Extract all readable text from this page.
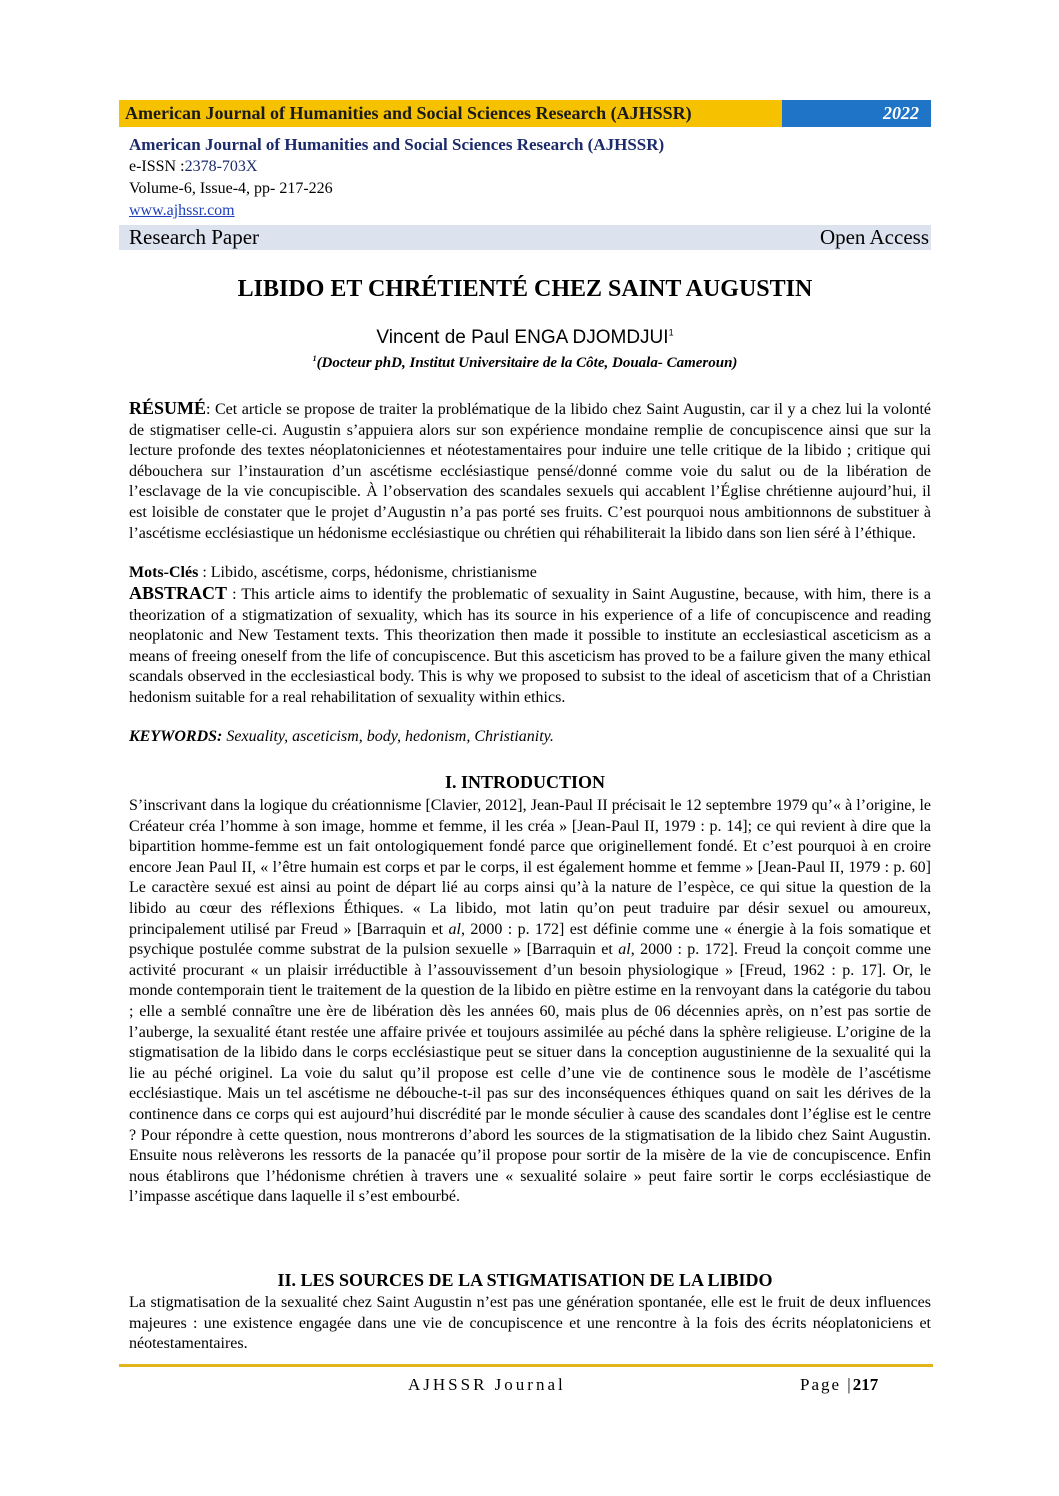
American Journal of Humanities and Social Sciences Research (AJHSSR)	2022
American Journal of Humanities and Social Sciences Research (AJHSSR)
e-ISSN :2378-703X
Volume-6, Issue-4, pp- 217-226
www.ajhssr.com
Research Paper	Open Access
LIBIDO ET CHRÉTIENTÉ CHEZ SAINT AUGUSTIN
Vincent de Paul ENGA DJOMDJUI$^1$
$^1$(Docteur phD, Institut Universitaire de la Côte, Douala- Cameroun)
RÉSUMÉ: Cet article se propose de traiter la problématique de la libido chez Saint Augustin, car il y a chez lui la volonté de stigmatiser celle-ci. Augustin s’appuiera alors sur son expérience mondaine remplie de concupiscence ainsi que sur la lecture profonde des textes néoplatoniciennes et néotestamentaires pour induire une telle critique de la libido ; critique qui débouchera sur l’instauration d’un ascétisme ecclésiastique pensé/donné comme voie du salut ou de la libération de l’esclavage de la vie concupiscible. À l’observation des scandales sexuels qui accablent l’Église chrétienne aujourd’hui, il est loisible de constater que le projet d’Augustin n’a pas porté ses fruits. C’est pourquoi nous ambitionnons de substituer à l’ascétisme ecclésiastique un hédonisme ecclésiastique ou chrétien qui réhabiliterait la libido dans son lien séré à l’éthique.
Mots-Clés : Libido, ascétisme, corps, hédonisme, christianisme
ABSTRACT : This article aims to identify the problematic of sexuality in Saint Augustine, because, with him, there is a theorization of a stigmatization of sexuality, which has its source in his experience of a life of concupiscence and reading neoplatonic and New Testament texts. This theorization then made it possible to institute an ecclesiastical asceticism as a means of freeing oneself from the life of concupiscence. But this asceticism has proved to be a failure given the many ethical scandals observed in the ecclesiastical body. This is why we proposed to subsist to the ideal of asceticism that of a Christian hedonism suitable for a real rehabilitation of sexuality within ethics.
KEYWORDS: Sexuality, asceticism, body, hedonism, Christianity.
I. INTRODUCTION
S’inscrivant dans la logique du créationnisme [Clavier, 2012], Jean-Paul II précisait le 12 septembre 1979 qu’« à l’origine, le Créateur créa l’homme à son image, homme et femme, il les créa » [Jean-Paul II, 1979 : p. 14]; ce qui revient à dire que la bipartition homme-femme est un fait ontologiquement fondé parce que originellement fondé. Et c’est pourquoi à en croire encore Jean Paul II, « l’être humain est corps et par le corps, il est également homme et femme » [Jean-Paul II, 1979 : p. 60] Le caractère sexué est ainsi au point de départ lié au corps ainsi qu’à la nature de l’espèce, ce qui situe la question de la libido au cœur des réflexions Éthiques. « La libido, mot latin qu’on peut traduire par désir sexuel ou amoureux, principalement utilisé par Freud » [Barraquin et al, 2000 : p. 172] est définie comme une « énergie à la fois somatique et psychique postulée comme substrat de la pulsion sexuelle » [Barraquin et al, 2000 : p. 172]. Freud la conçoit comme une activité procurant « un plaisir irréductible à l’assouvissement d’un besoin physiologique » [Freud, 1962 : p. 17]. Or, le monde contemporain tient le traitement de la question de la libido en piètre estime en la renvoyant dans la catégorie du tabou ; elle a semblé connaître une ère de libération dès les années 60, mais plus de 06 décennies après, on n’est pas sortie de l’auberge, la sexualité étant restée une affaire privée et toujours assimilée au péché dans la sphère religieuse. L’origine de la stigmatisation de la libido dans le corps ecclésiastique peut se situer dans la conception augustinienne de la sexualité qui la lie au péché originel. La voie du salut qu’il propose est celle d’une vie de continence sous le modèle de l’ascétisme ecclésiastique. Mais un tel ascétisme ne débouche-t-il pas sur des inconséquences éthiques quand on sait les dérives de la continence dans ce corps qui est aujourd’hui discrédité par le monde séculier à cause des scandales dont l’église est le centre ? Pour répondre à cette question, nous montrerons d’abord les sources de la stigmatisation de la libido chez Saint Augustin. Ensuite nous relèverons les ressorts de la panacée qu’il propose pour sortir de la misère de la vie de concupiscence. Enfin nous établirons que l’hédonisme chrétien à travers une « sexualité solaire » peut faire sortir le corps ecclésiastique de l’impasse ascétique dans laquelle il s’est embourbé.
II. LES SOURCES DE LA STIGMATISATION DE LA LIBIDO
La stigmatisation de la sexualité chez Saint Augustin n’est pas une génération spontanée, elle est le fruit de deux influences majeures : une existence engagée dans une vie de concupiscence et une rencontre à la fois des écrits néoplatoniciens et néotestamentaires.
AJHSSR Journal	Page |217
